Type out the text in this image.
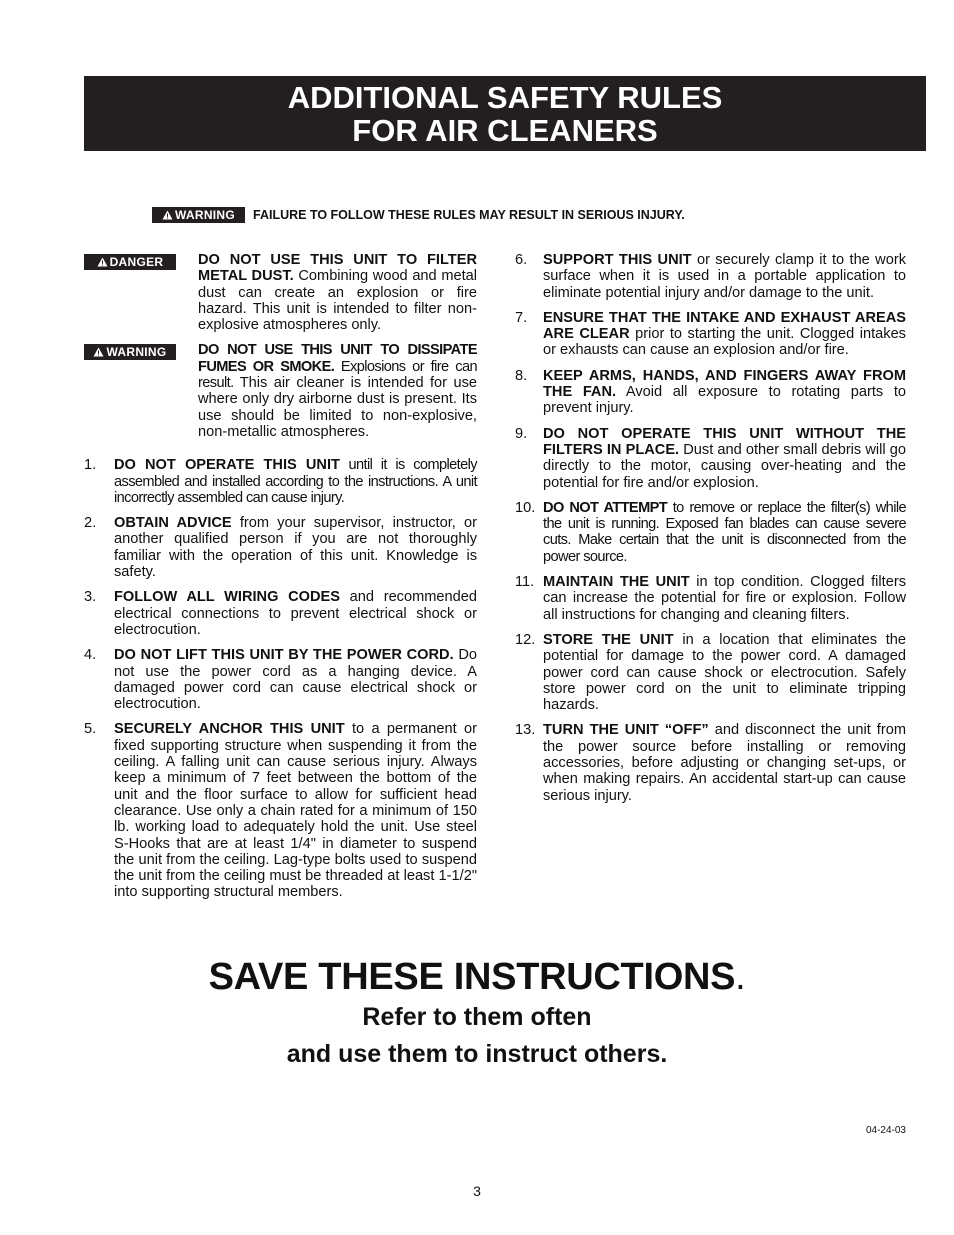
ADDITIONAL SAFETY RULES
FOR AIR CLEANERS
WARNING FAILURE TO FOLLOW THESE RULES MAY RESULT IN SERIOUS INJURY.

DANGER DO NOT USE THIS UNIT TO FILTER METAL DUST. Combining wood and metal dust can create an explosion or fire hazard. This unit is intended to filter non-explosive atmospheres only.

WARNING DO NOT USE THIS UNIT TO DISSIPATE FUMES OR SMOKE. Explosions or fire can result. This air cleaner is intended for use where only dry airborne dust is present. Its use should be limited to non-explosive, non-metallic atmospheres.

1. DO NOT OPERATE THIS UNIT until it is completely assembled and installed according to the instructions. A unit incorrectly assembled can cause injury.

2. OBTAIN ADVICE from your supervisor, instructor, or another qualified person if you are not thoroughly familiar with the operation of this unit. Knowledge is safety.

3. FOLLOW ALL WIRING CODES and recommended electrical connections to prevent electrical shock or electrocution.

4. DO NOT LIFT THIS UNIT BY THE POWER CORD. Do not use the power cord as a hanging device. A damaged power cord can cause electrical shock or electrocution.

5. SECURELY ANCHOR THIS UNIT to a permanent or fixed supporting structure when suspending it from the ceiling. A falling unit can cause serious injury. Always keep a minimum of 7 feet between the bottom of the unit and the floor surface to allow for sufficient head clearance. Use only a chain rated for a minimum of 150 lb. working load to adequately hold the unit. Use steel S-Hooks that are at least 1/4" in diameter to suspend the unit from the ceiling. Lag-type bolts used to suspend the unit from the ceiling must be threaded at least 1-1/2" into supporting structural members.

6. SUPPORT THIS UNIT or securely clamp it to the work surface when it is used in a portable application to eliminate potential injury and/or damage to the unit.

7. ENSURE THAT THE INTAKE AND EXHAUST AREAS ARE CLEAR prior to starting the unit. Clogged intakes or exhausts can cause an explosion and/or fire.

8. KEEP ARMS, HANDS, AND FINGERS AWAY FROM THE FAN. Avoid all exposure to rotating parts to prevent injury.

9. DO NOT OPERATE THIS UNIT WITHOUT THE FILTERS IN PLACE. Dust and other small debris will go directly to the motor, causing over-heating and the potential for fire and/or explosion.

10. DO NOT ATTEMPT to remove or replace the filter(s) while the unit is running. Exposed fan blades can cause severe cuts. Make certain that the unit is disconnected from the power source.

11. MAINTAIN THE UNIT in top condition. Clogged filters can increase the potential for fire or explosion. Follow all instructions for changing and cleaning filters.

12. STORE THE UNIT in a location that eliminates the potential for damage to the power cord. A damaged power cord can cause shock or electrocution. Safely store power cord on the unit to eliminate tripping hazards.

13. TURN THE UNIT “OFF” and disconnect the unit from the power source before installing or removing accessories, before adjusting or changing set-ups, or when making repairs. An accidental start-up can cause serious injury.

SAVE THESE INSTRUCTIONS.
Refer to them often
and use them to instruct others.
04-24-03
3
